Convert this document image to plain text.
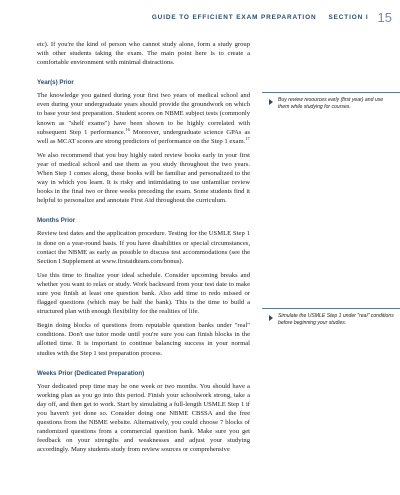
GUIDE TO EFFICIENT EXAM PREPARATION SECTION I 15

etc). If you're the kind of person who cannot study alone, form a study group with other students taking the exam. The main point here is to create a comfortable environment with minimal distractions.

Year(s) Prior

The knowledge you gained during your first two years of medical school and even during your undergraduate years should provide the groundwork on which to base your test preparation. Student scores on NBME subject tests (commonly known as "shelf exams") have been shown to be highly correlated with subsequent Step 1 performance.$^{16}$ Moreover, undergraduate science GPAs as well as MCAT scores are strong predictors of performance on the Step 1 exam.$^{17}$

We also recommend that you buy highly rated review books early in your first year of medical school and use them as you study throughout the two years. When Step 1 comes along, these books will be familiar and personalized to the way in which you learn. It is risky and intimidating to use unfamiliar review books in the final two or three weeks preceding the exam. Some students find it helpful to personalize and annotate First Aid throughout the curriculum.

Months Prior

Review test dates and the application procedure. Testing for the USMLE Step 1 is done on a year-round basis. If you have disabilities or special circumstances, contact the NBME as early as possible to discuss test accommodations (see the Section I Supplement at www.firstaidteam.com/bonus).

Use this time to finalize your ideal schedule. Consider upcoming breaks and whether you want to relax or study. Work backward from your test date to make sure you finish at least one question bank. Also add time to redo missed or flagged questions (which may be half the bank). This is the time to build a structured plan with enough flexibility for the realities of life.

Begin doing blocks of questions from reputable question banks under "real" conditions. Don't use tutor mode until you're sure you can finish blocks in the allotted time. It is important to continue balancing success in your normal studies with the Step 1 test preparation process.

Weeks Prior (Dedicated Preparation)

Your dedicated prep time may be one week or two months. You should have a working plan as you go into this period. Finish your schoolwork strong, take a day off, and then get to work. Start by simulating a full-length USMLE Step 1 if you haven't yet done so. Consider doing one NBME CBSSA and the free questions from the NBME website. Alternatively, you could choose 7 blocks of randomized questions from a commercial question bank. Make sure you get feedback on your strengths and weaknesses and adjust your studying accordingly. Many students study from review sources or comprehensive

Buy review resources early (first year) and use them while studying for courses.
Simulate the USMLE Step 1 under "real" conditions before beginning your studies.
